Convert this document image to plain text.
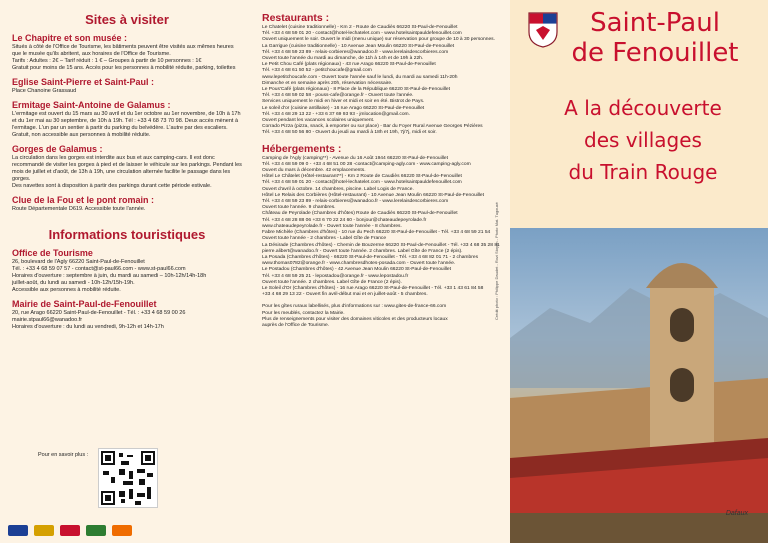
Sites à visiter
Le Chapitre et son musée :

Situés à côté de l'Office de Tourisme, les bâtiments peuvent être visités aux mêmes heures que le musée qu'ils abritent, aux horaires de l'Office de Tourisme.

Tarifs : Adultes : 2€ – Tarif réduit : 1 € – Groupes à partir de 10 personnes : 1€

Gratuit pour moins de 15 ans. Accès pour les personnes à mobilité réduite, parking, toilettes

Eglise Saint-Pierre et Saint-Paul :

Place Chanoine Grassaud

Ermitage Saint-Antoine de Galamus :

L'ermitage est ouvert du 15 mars au 30 avril et du 1er octobre au 1er novembre, de 10h à 17h et du 1er mai au 30 septembre, de 10h à 19h. Tél : +33 4 68 73 70 98. Deux accès mènent à l'ermitage. L'un par un sentier à partir du parking du belvédère. L'autre par des escaliers. Gratuit, non accessible aux personnes à mobilité réduite.

Gorges de Galamus :

La circulation dans les gorges est interdite aux bus et aux camping-cars. Il est donc recommandé de visiter les gorges à pied et de laisser le véhicule sur les parkings. Pendant les mois de juillet et d'août, de 13h à 19h, une circulation alternée facilite le passage dans les gorges.

Des navettes sont à disposition à partir des parkings durant cette période estivale.

Clue de la Fou et le pont romain :

Route Départementale D619. Accessible toute l'année.

Informations touristiques
Office de Tourisme

26, boulevard de l'Agly 66220 Saint-Paul-de-Fenouillet

Tél. : +33 4 68 59 07 57 - contact@st-paul66.com - www.st-paul66.com

Horaires d'ouverture : septembre à juin, du mardi au samedi – 10h-12h/14h-18h

juillet-août, du lundi au samedi - 10h-12h/15h-19h.

Accessible aux personnes à mobilité réduite.

Mairie de Saint-Paul-de-Fenouillet

20, rue Arago 66220 Saint-Paul-de-Fenouillet - Tél. : +33 4 68 59 00 26

mairie.stpaul66@wanadoo.fr

Horaires d'ouverture : du lundi au vendredi, 9h-12h et 14h-17h

Pour en savoir plus :
Restaurants :
Le Chatelet (cuisine traditionnelle) - Km 2 - Route de Caudiès 66220 St-Paul-de-Fenouillet
Tél. +33 4 68 59 01 20 - contact@hotel-lechatelet.com - www.hotelsaintpauldefenouillet.com
Ouvert uniquement le soir. Ouvert le midi (menu unique) sur réservation pour groupe de 10 à 30 personnes.
La Garrigue (cuisine traditionnelle) - 10 Avenue Jean Moulin 66220 St-Paul-de-Fenouillet
Tél. +33 4 68 59 23 89 - relais-corbieres@wanadoo.fr - www.lerelaisdescorbieres.com
Ouvert toute l'année du mardi au dimanche, de 11h à 14h et de 19h à 22h.
Le Petit Chou Café (plats régionaux) - 43 rue Arago 66220 St-Paul-de-Fenouillet
Tél. +33 4 68 61 50 52 - petitchoucafe@gmail.com
www.lepetitchoucafe.com - Ouvert toute l'année sauf le lundi, du mardi au samedi 11h-20h
Dimanche et en semaine après 20h, réservation nécessaire.
Le Pous'Café (plats régionaux) - 8 Place de la République 66220 St-Paul-de-Fenouillet
Tél. +33 4 68 59 02 58 - pouss-cafe@orange.fr - Ouvert toute l'année.
Services uniquement le midi en hiver et midi et soir en été. Bistrot de Pays.
Le soleil d'or (cuisine antillaise) - 16 rue Arago 66220 St-Paul-de-Fenouillet
Tél. +33 4 68 29 13 22 - +33 6 37 69 93 93 - jmlocation@gmail.com.
Ouvert pendant les vacances scolaires uniquement.
Corrado Pizza (pizza, snack, à emporter ou sur place) - Bar du Foyer Rural Avenue Georges Pézières
Tél. +33 4 68 50 56 80 - Ouvert du jeudi au mardi à 18h et 19h, 7j/7j, midi et soir.
Hébergements :
Camping de l'Agly (camping**) - Avenue du 16 Août 1944 66220 St-Paul-de-Fenouillet
Tél. +33 4 68 59 09 0 - +33 4 68 51 00 28 -contact@camping-agly.com - www.camping-agly.com
Ouvert du mars à décembre. 42 emplacements.
Hôtel Le Châtelet (Hôtel-restaurant**) - Km 2 Route de Caudiès 66220 St-Paul-de-Fenouillet
Tél. +33 4 68 59 01 20 - contact@hotel-lechatelet.com - www.hotelsaintpauldefenouillet.com
Ouvert d'avril à octobre. 14 chambres, piscine. Label Logis de France.
Hôtel Le Relais des Corbières (Hôtel-restaurant) - 10 Avenue Jean Moulin 66220 St-Paul-de-Fenouillet
Tél. +33 4 68 59 23 89 - relais-corbieres@wanadoo.fr - www.lerelaisdescorbieres.com
Ouvert toute l'année. 9 chambres.
Château de Peyrolade (Chambres d'hôtes) Route de Caudiès 66220 St-Paul-de-Fenouillet
Tél. +33 4 68 28 88 06 +33 6 70 22 24 60 - bonjour@chateaudepeyrolade.fr
www.chateaudepeyrolade.fr - Ouvert toute l'année - 8 chambres.
Fabre Michèle (Chambres d'hôtes) - 10 rue du Pech 66220 St-Paul-de-Fenouillet - Tél. +33 4 68 59 21 54
Ouvert toute l'année - 2 chambres - Label Gîte de France
La Désirade (Chambres d'hôtes) - Chemin de Bouzerme 66220 St-Paul-de-Fenouillet - Tél. +33 4 68 35 28 81
pierre.alibert@wanadoo.fr - Ouvert toute l'année. 2 chambres. Label Gîte de France (2 épis).
La Posada (Chambres d'hôtes) - 66220 St-Paul-de-Fenouillet - Tél. +33 4 68 82 01 71 - 2 chambres
www.thomas0782@orange.fr - www.chambresdhotes-posada.com - Ouvert toute l'année.
Le Postadou (Chambres d'hôtes) - 42 Avenue Jean Moulin 66220 St-Paul-de-Fenouillet
Tél. +33 4 68 59 25 21 - lepostadou@orange.fr - www.lepostadou.fr
Ouvert toute l'année. 2 chambres. Label Gîte de France (2 épis).
Le Soleil d'Or (Chambres d'hôtes) - 16 rue Arago 66220 St-Paul-de-Fenouillet - Tél. +33 1 43 61 84 58
+33 4 68 29 13 22 - Ouvert fin avril-début mai et en juillet-août - 5 chambres.
Pour les gîtes ruraux labellisés, plus d'informations sur : www.gites-de-france-66.com
Pour les meublés, contactez la Mairie.
Plus de renseignements pour visiter des domaines viticoles et des producteurs locaux
auprès de l'Office de Tourisme.
Crédit photo : Philippe Daudet - Rozi Stoyan - Photo Mat. Tugouxé
Saint-Paul
de Fenouillet
A la découverte
des villages
du Train Rouge
Dafaux
